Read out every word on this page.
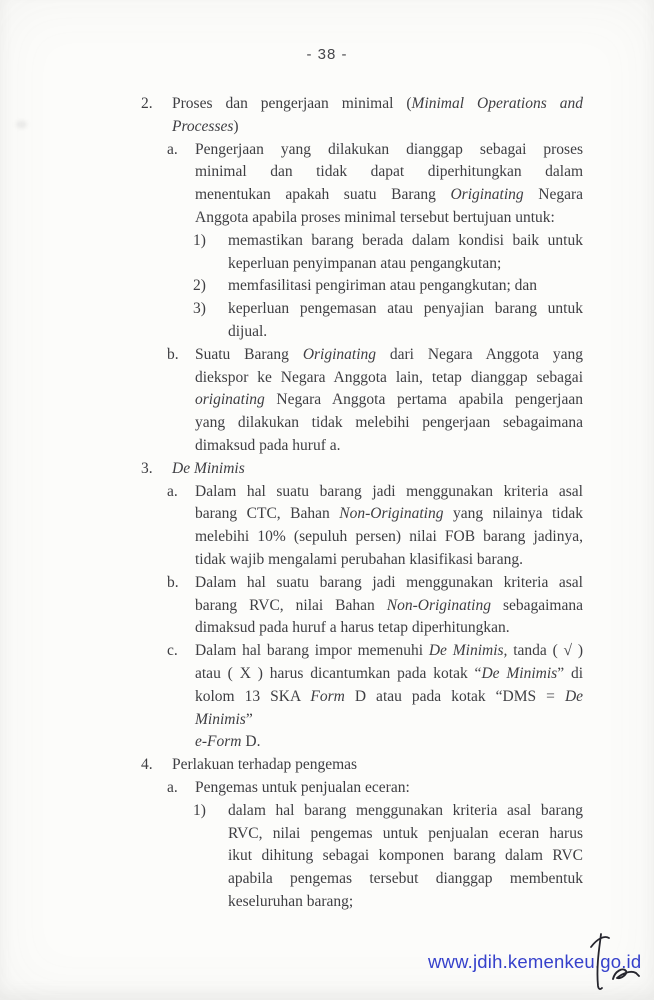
- 38 -
2.	Proses dan pengerjaan minimal (Minimal Operations and
Processes)
a.	Pengerjaan yang dilakukan dianggap sebagai proses
minimal dan tidak dapat diperhitungkan dalam
menentukan apakah suatu Barang Originating Negara
Anggota apabila proses minimal tersebut bertujuan untuk:
1)	memastikan barang berada dalam kondisi baik untuk
keperluan penyimpanan atau pengangkutan;
2)	memfasilitasi pengiriman atau pengangkutan; dan
3)	keperluan pengemasan atau penyajian barang untuk
dijual.
b.	Suatu Barang Originating dari Negara Anggota yang
diekspor ke Negara Anggota lain, tetap dianggap sebagai
originating Negara Anggota pertama apabila pengerjaan
yang dilakukan tidak melebihi pengerjaan sebagaimana
dimaksud pada huruf a.
3.	De Minimis
a.	Dalam hal suatu barang jadi menggunakan kriteria asal
barang CTC, Bahan Non-Originating yang nilainya tidak
melebihi 10% (sepuluh persen) nilai FOB barang jadinya,
tidak wajib mengalami perubahan klasifikasi barang.
b.	Dalam hal suatu barang jadi menggunakan kriteria asal
barang RVC, nilai Bahan Non-Originating sebagaimana
dimaksud pada huruf a harus tetap diperhitungkan.
c.	Dalam hal barang impor memenuhi De Minimis, tanda ( √ )
atau ( X ) harus dicantumkan pada kotak “De Minimis” di
kolom 13 SKA Form D atau pada kotak “DMS = De Minimis”
e-Form D.
4.	Perlakuan terhadap pengemas
a.	Pengemas untuk penjualan eceran:
1)	dalam hal barang menggunakan kriteria asal barang
RVC, nilai pengemas untuk penjualan eceran harus
ikut dihitung sebagai komponen barang dalam RVC
apabila pengemas tersebut dianggap membentuk
keseluruhan barang;
www.jdih.kemenkeu.go.id
